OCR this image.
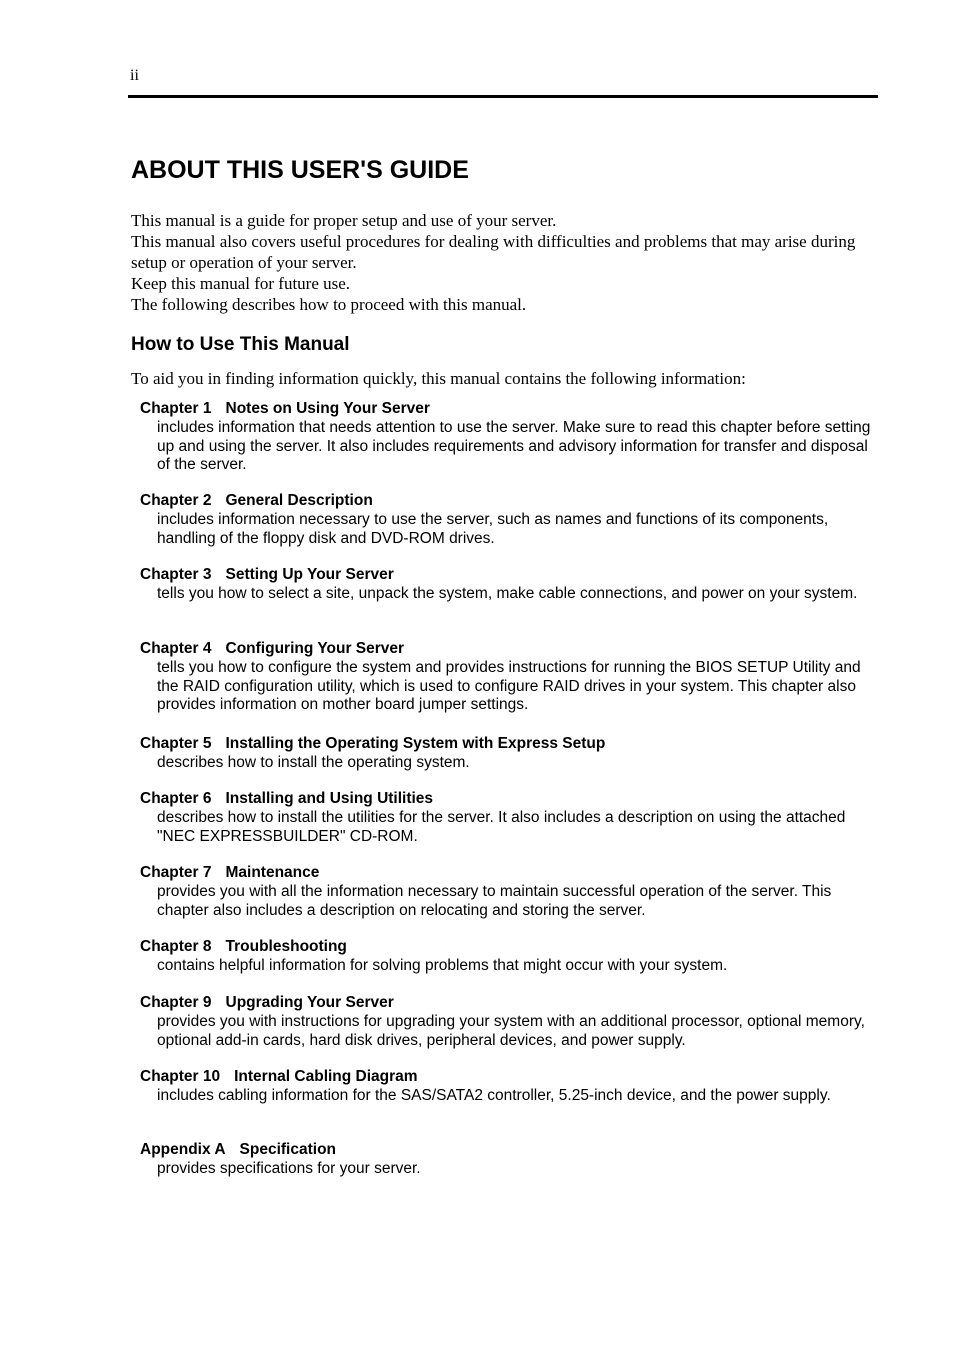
ii
ABOUT THIS USER'S GUIDE

This manual is a guide for proper setup and use of your server.

This manual also covers useful procedures for dealing with difficulties and problems that may arise during setup or operation of your server.

Keep this manual for future use.

The following describes how to proceed with this manual.

How to Use This Manual

To aid you in finding information quickly, this manual contains the following information:

Chapter 1 Notes on Using Your Server
includes information that needs attention to use the server. Make sure to read this chapter before setting up and using the server. It also includes requirements and advisory information for transfer and disposal of the server.
Chapter 2 General Description
includes information necessary to use the server, such as names and functions of its components, handling of the floppy disk and DVD-ROM drives.
Chapter 3 Setting Up Your Server
tells you how to select a site, unpack the system, make cable connections, and power on your system.
Chapter 4 Configuring Your Server
tells you how to configure the system and provides instructions for running the BIOS SETUP Utility and the RAID configuration utility, which is used to configure RAID drives in your system. This chapter also provides information on mother board jumper settings.
Chapter 5 Installing the Operating System with Express Setup
describes how to install the operating system.
Chapter 6 Installing and Using Utilities
describes how to install the utilities for the server. It also includes a description on using the attached "NEC EXPRESSBUILDER" CD-ROM.
Chapter 7 Maintenance
provides you with all the information necessary to maintain successful operation of the server. This chapter also includes a description on relocating and storing the server.
Chapter 8 Troubleshooting
contains helpful information for solving problems that might occur with your system.
Chapter 9 Upgrading Your Server
provides you with instructions for upgrading your system with an additional processor, optional memory, optional add-in cards, hard disk drives, peripheral devices, and power supply.
Chapter 10 Internal Cabling Diagram
includes cabling information for the SAS/SATA2 controller, 5.25-inch device, and the power supply.
Appendix A Specification
provides specifications for your server.
